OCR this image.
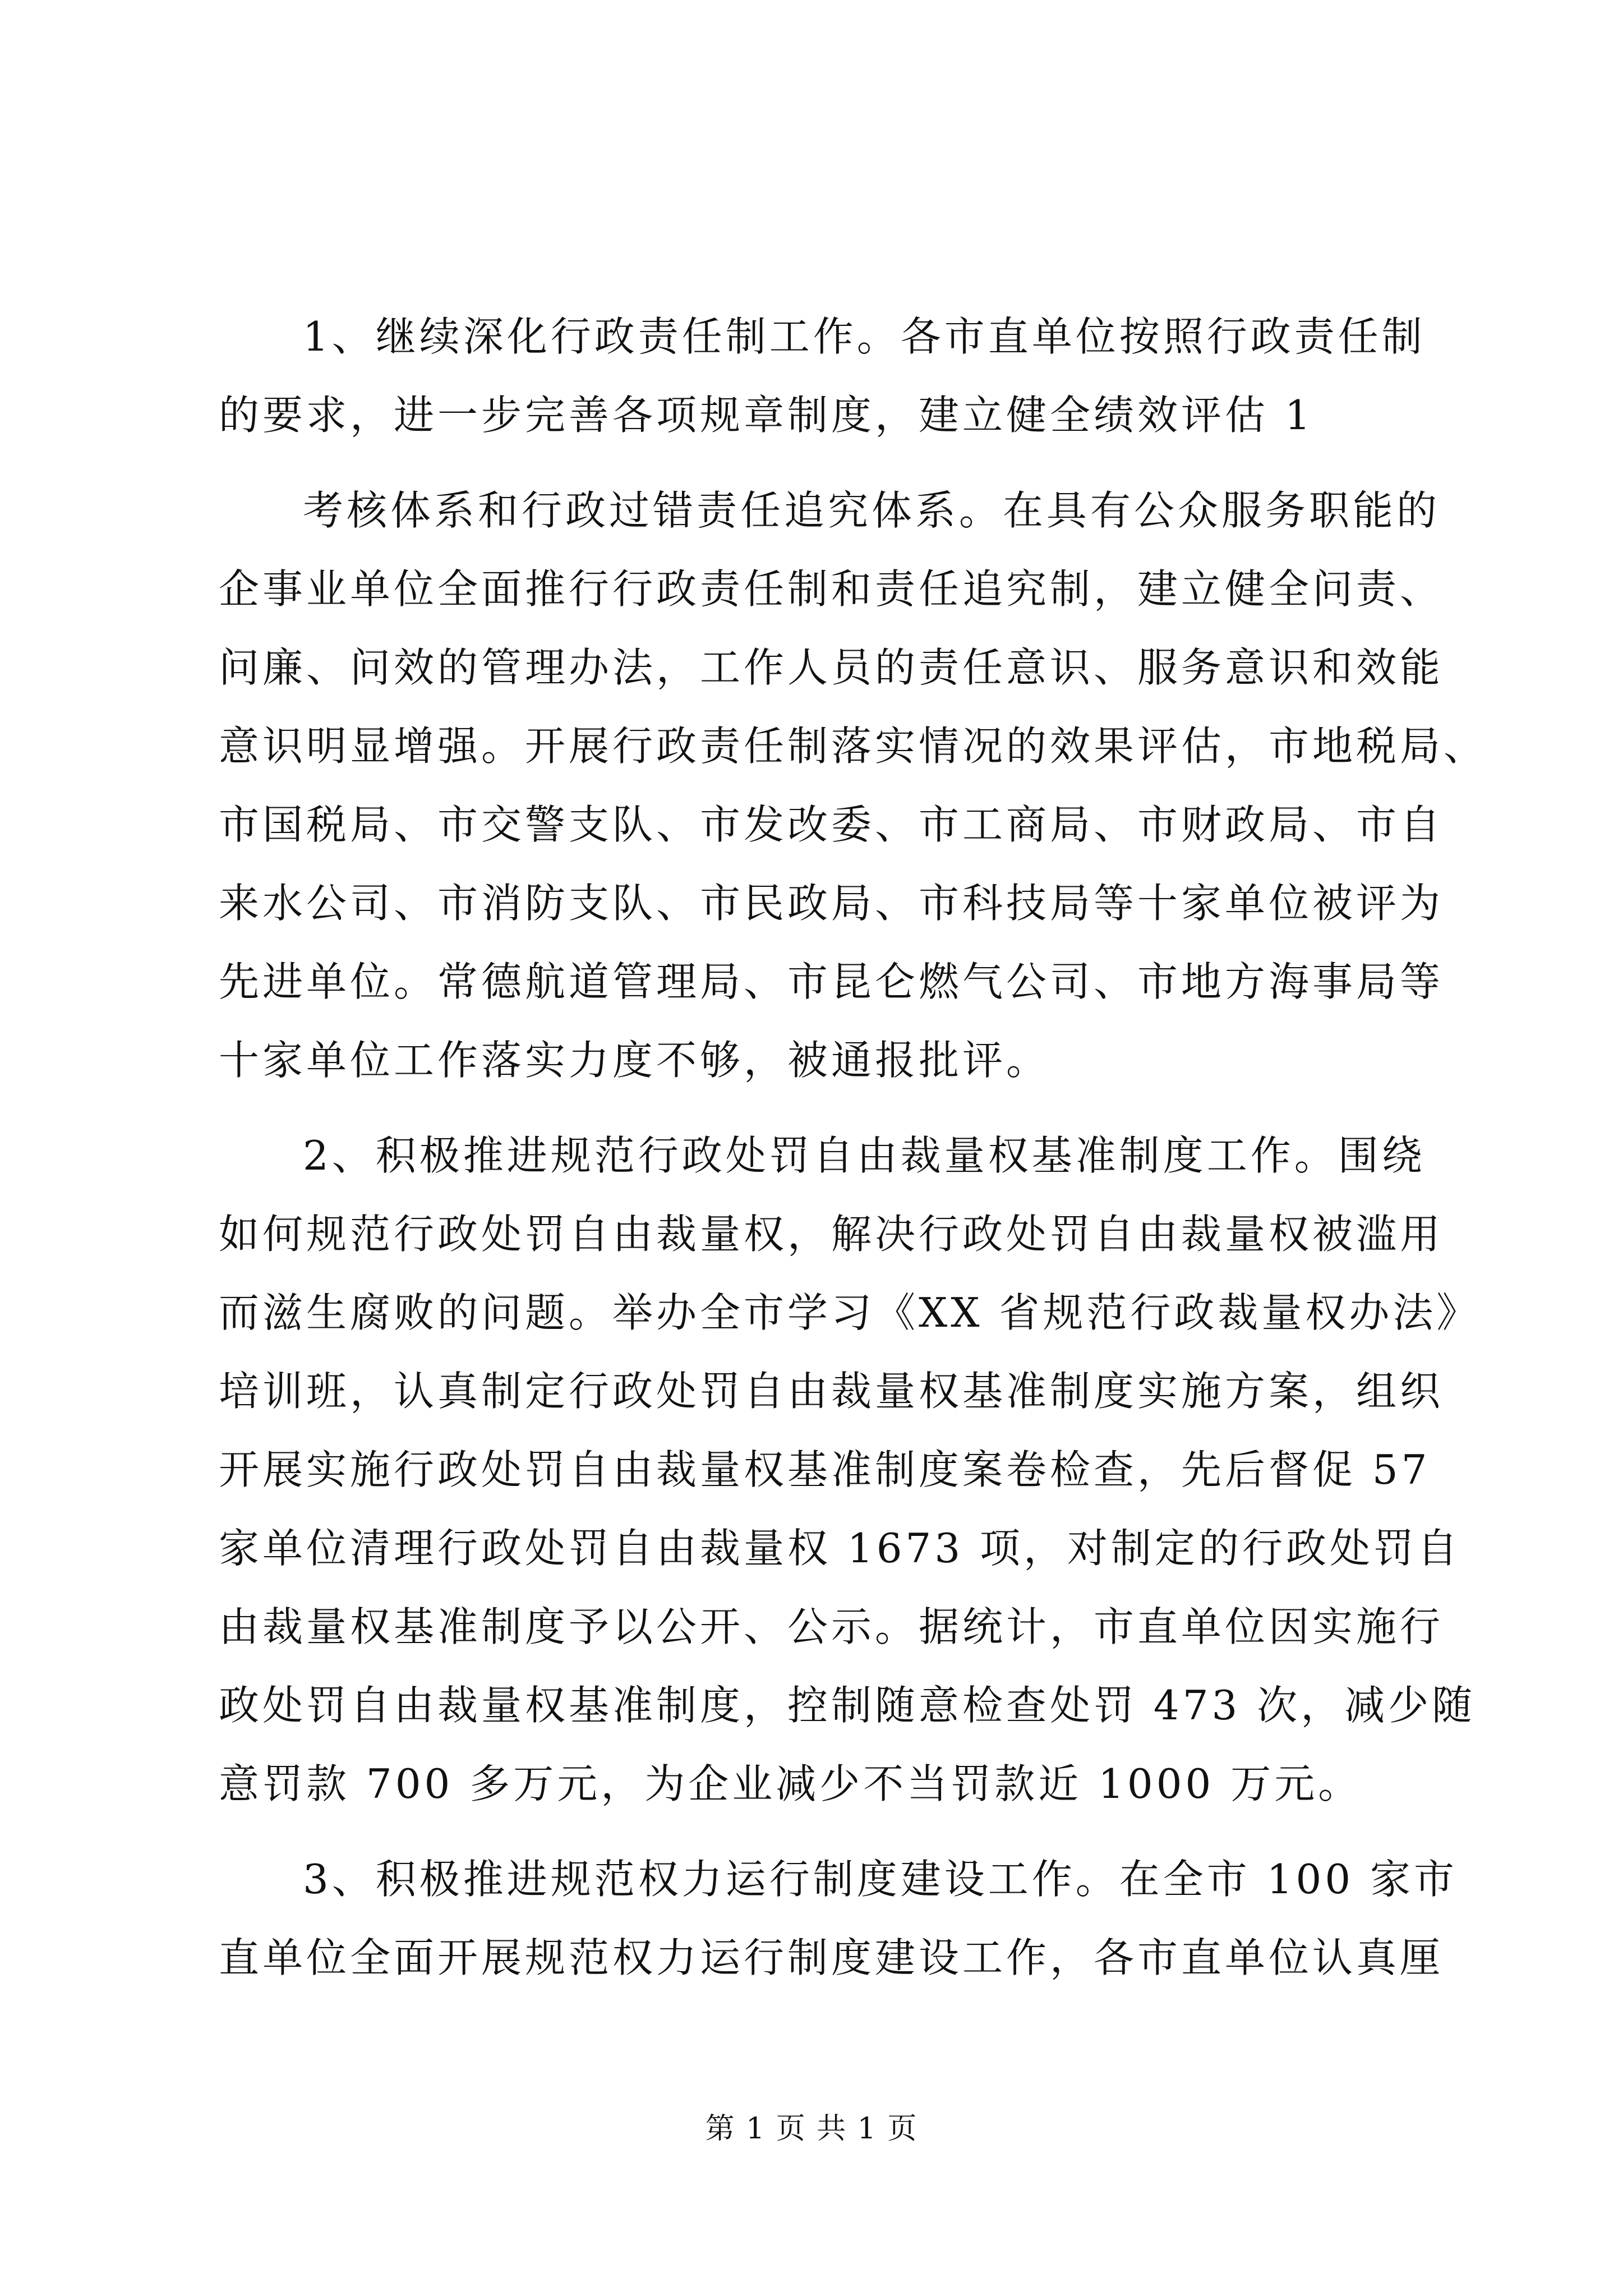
1、继续深化行政责任制工作。各市直单位按照行政责任制
的要求，进一步完善各项规章制度，建立健全绩效评估 1
考核体系和行政过错责任追究体系。在具有公众服务职能的
企事业单位全面推行行政责任制和责任追究制，建立健全问责、
问廉、问效的管理办法，工作人员的责任意识、服务意识和效能
意识明显增强。开展行政责任制落实情况的效果评估，市地税局、
市国税局、市交警支队、市发改委、市工商局、市财政局、市自
来水公司、市消防支队、市民政局、市科技局等十家单位被评为
先进单位。常德航道管理局、市昆仑燃气公司、市地方海事局等
十家单位工作落实力度不够，被通报批评。
2、积极推进规范行政处罚自由裁量权基准制度工作。围绕
如何规范行政处罚自由裁量权，解决行政处罚自由裁量权被滥用
而滋生腐败的问题。举办全市学习《XX 省规范行政裁量权办法》
培训班，认真制定行政处罚自由裁量权基准制度实施方案，组织
开展实施行政处罚自由裁量权基准制度案卷检查，先后督促 57
家单位清理行政处罚自由裁量权 1673 项，对制定的行政处罚自
由裁量权基准制度予以公开、公示。据统计，市直单位因实施行
政处罚自由裁量权基准制度，控制随意检查处罚 473 次，减少随
意罚款 700 多万元，为企业减少不当罚款近 1000 万元。
3、积极推进规范权力运行制度建设工作。在全市 100 家市
直单位全面开展规范权力运行制度建设工作，各市直单位认真厘
第 1 页 共 1 页
